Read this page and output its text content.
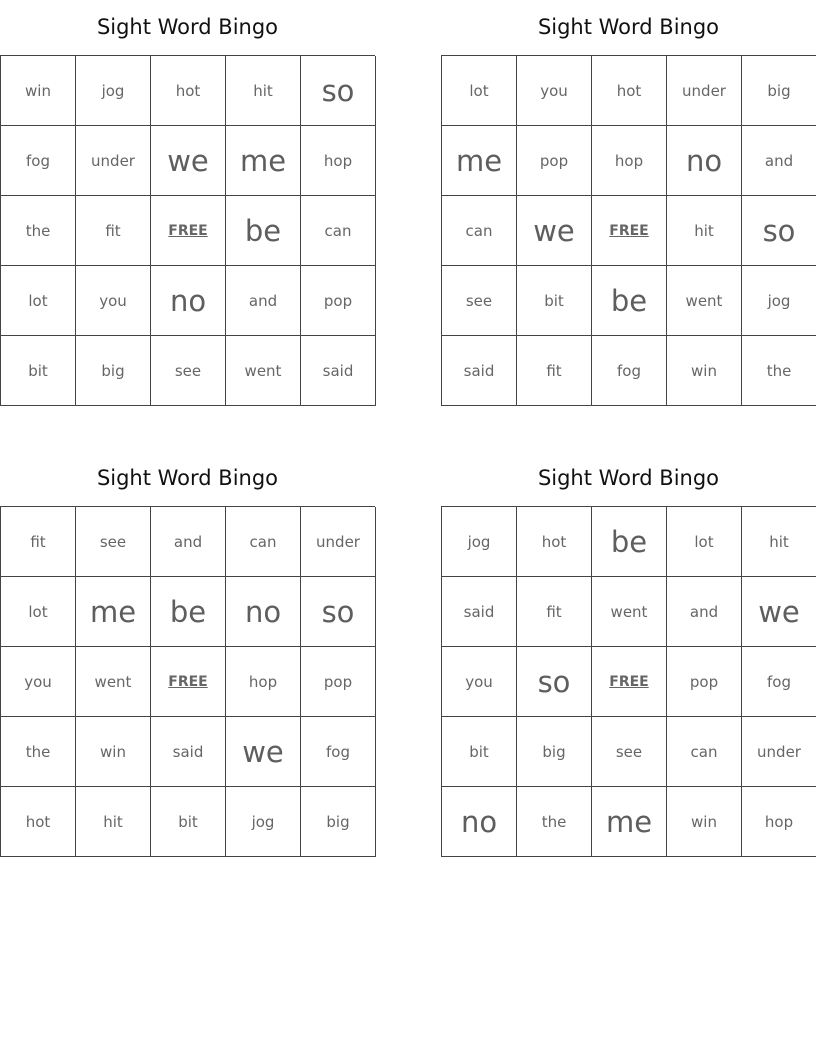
Sight Word Bingo
win	jog	hot	hit	so
fog	under	we	me	hop
the	fit	FREE	be	can
lot	you	no	and	pop
bit	big	see	went	said
Sight Word Bingo
lot	you	hot	under	big
me	pop	hop	no	and
can	we	FREE	hit	so
see	bit	be	went	jog
said	fit	fog	win	the
Sight Word Bingo
fit	see	and	can	under
lot	me	be	no	so
you	went	FREE	hop	pop
the	win	said	we	fog
hot	hit	bit	jog	big
Sight Word Bingo
jog	hot	be	lot	hit
said	fit	went	and	we
you	so	FREE	pop	fog
bit	big	see	can	under
no	the	me	win	hop
